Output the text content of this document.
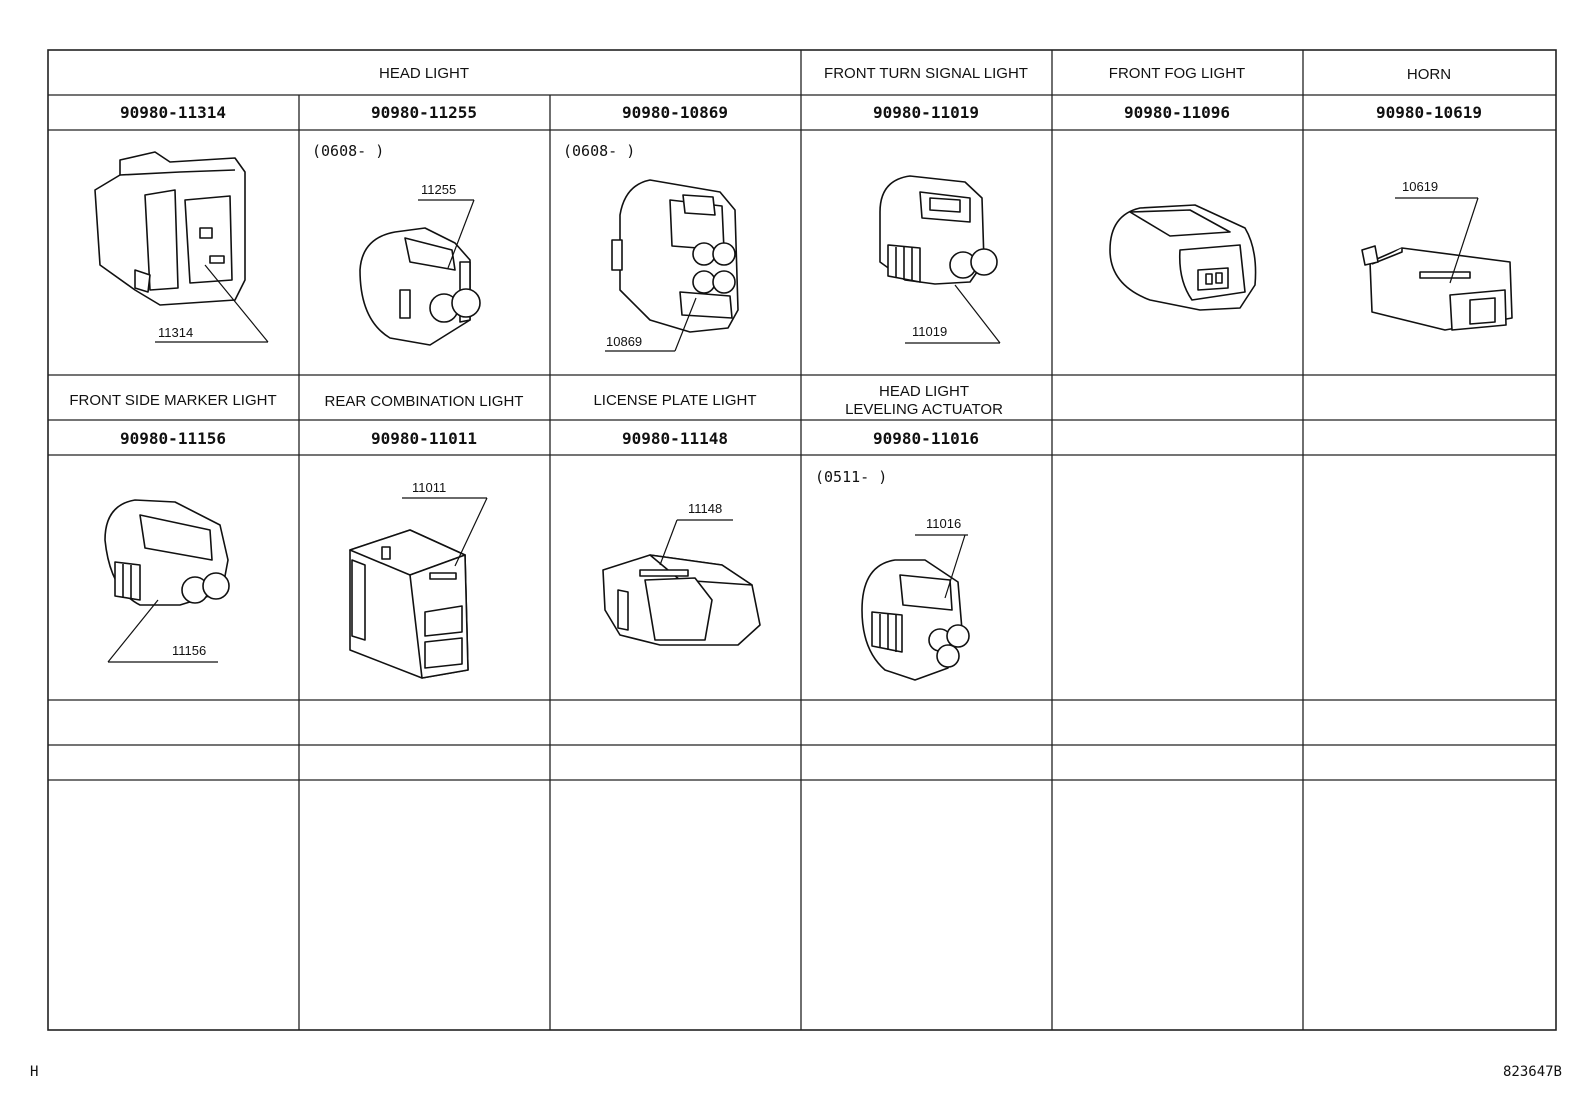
HEAD LIGHT	FRONT TURN SIGNAL LIGHT	FRONT FOG LIGHT	HORN
90980-11314	90980-11255	90980-10869	90980-11019	90980-11096	90980-10619
(0608- )	(0608- )
11314
11255
10869
11019
10619
FRONT SIDE MARKER LIGHT	REAR COMBINATION LIGHT	LICENSE PLATE LIGHT
HEAD LIGHT
LEVELING ACTUATOR
90980-11156	90980-11011	90980-11148	90980-11016
(0511- )
11156
11011
11148
11016
H	823647B
